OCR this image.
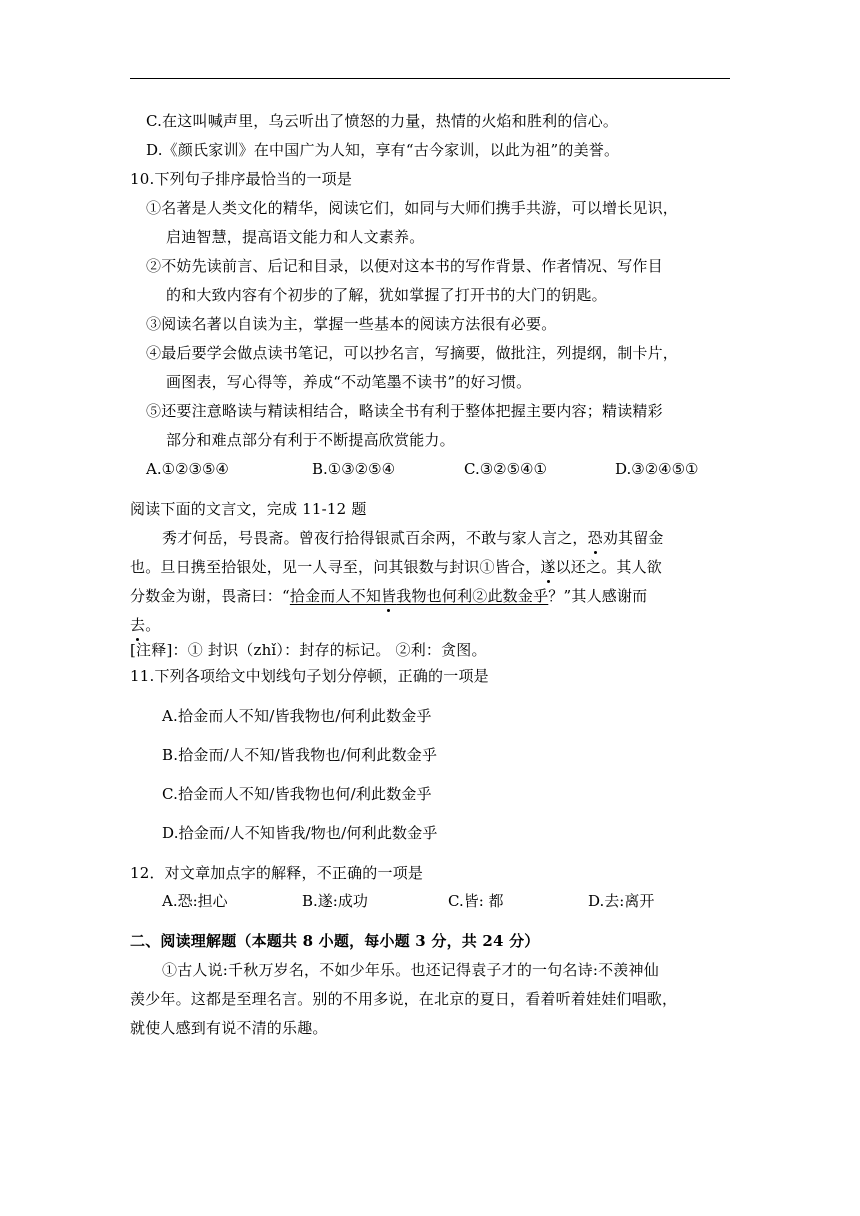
C.在这叫喊声里，乌云听出了愤怒的力量，热情的火焰和胜利的信心。
D.《颜氏家训》在中国广为人知，享有“古今家训，以此为祖”的美誉。
10.下列句子排序最恰当的一项是
①名著是人类文化的精华，阅读它们，如同与大师们携手共游，可以增长见识，
启迪智慧，提高语文能力和人文素养。
②不妨先读前言、后记和目录，以便对这本书的写作背景、作者情况、写作目
的和大致内容有个初步的了解，犹如掌握了打开书的大门的钥匙。
③阅读名著以自读为主，掌握一些基本的阅读方法很有必要。
④最后要学会做点读书笔记，可以抄名言，写摘要，做批注，列提纲，制卡片，
画图表，写心得等，养成“不动笔墨不读书”的好习惯。
⑤还要注意略读与精读相结合，略读全书有利于整体把握主要内容；精读精彩
部分和难点部分有利于不断提高欣赏能力。
A.①②③⑤④	B.①③②⑤④	C.③②⑤④①	D.③②④⑤①
阅读下面的文言文，完成 11-12 题
秀才何岳，号畏斋。曾夜行拾得银贰百余两，不敢与家人言之，恐劝其留金
也。旦日携至拾银处，见一人寻至，问其银数与封识①皆合，遂以还之。其人欲
分数金为谢，畏斋曰：“拾金而人不知皆我物也何利②此数金乎？”其人感谢而
去。
[注释]：① 封识（zhǐ）：封存的标记。 ②利：贪图。
11.下列各项给文中划线句子划分停顿，正确的一项是
A.拾金而人不知/皆我物也/何利此数金乎
B.拾金而/人不知/皆我物也/何利此数金乎
C.拾金而人不知/皆我物也何/利此数金乎
D.拾金而/人不知皆我/物也/何利此数金乎
12．对文章加点字的解释，不正确的一项是
A.恐:担心	B.遂:成功	C.皆: 都	D.去:离开
二、阅读理解题（本题共 8 小题，每小题 3 分，共 24 分）
①古人说:千秋万岁名，不如少年乐。也还记得袁子才的一句名诗:不羡神仙
羡少年。这都是至理名言。别的不用多说，在北京的夏日，看着听着娃娃们唱歌，
就使人感到有说不清的乐趣。
